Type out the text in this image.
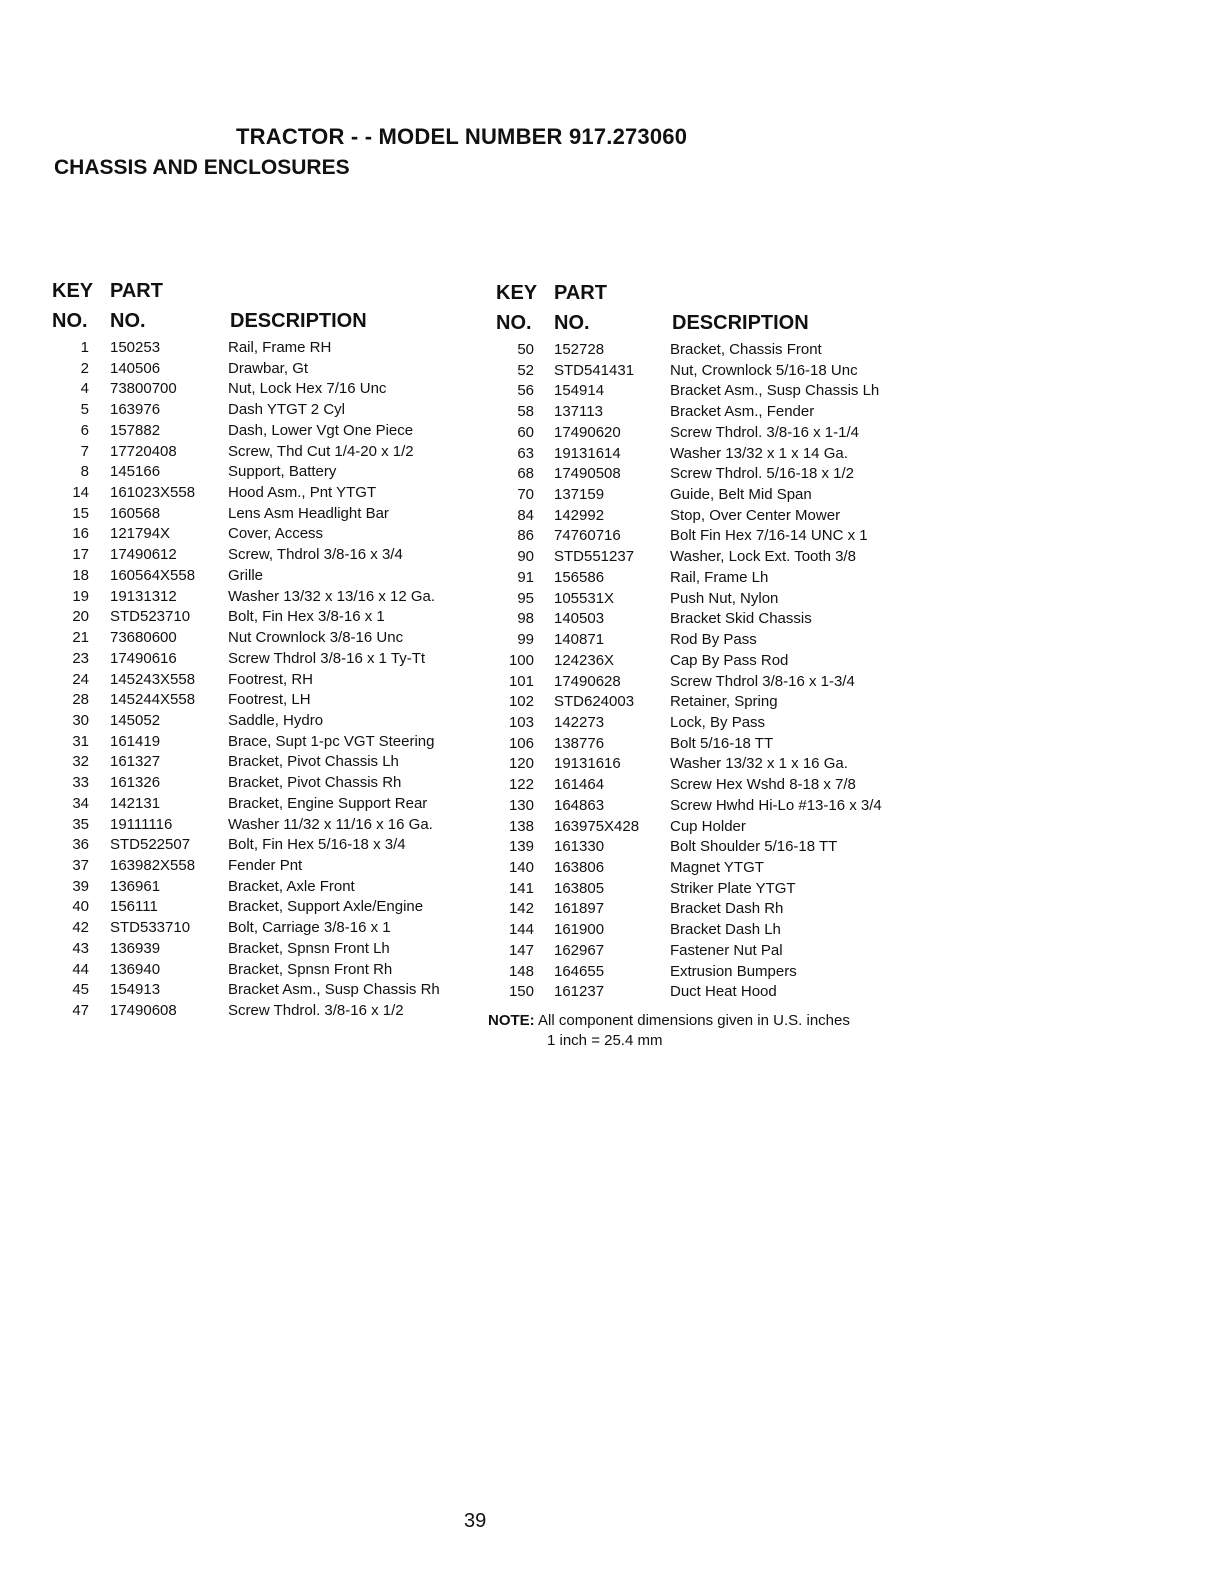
TRACTOR - - MODEL NUMBER 917.273060
CHASSIS AND ENCLOSURES
KEY
NO.
PART
NO.	DESCRIPTION
1 150253	Rail, Frame RH
2 140506	Drawbar, Gt
4 73800700	Nut, Lock Hex 7/16 Unc
5 163976	Dash YTGT 2 Cyl
6 157882	Dash, Lower Vgt One Piece
7 17720408	Screw, Thd Cut 1/4-20 x 1/2
8 145166	Support, Battery
14 161023X558 Hood Asm., Pnt YTGT
15 160568	Lens Asm Headlight Bar
16 121794X	Cover, Access
17 17490612	Screw, Thdrol 3/8-16 x 3/4
18 160564X558 Grille
19 19131312	Washer 13/32 x 13/16 x 12 Ga.
20 STD523710	Bolt, Fin Hex 3/8-16 x 1
21 73680600	Nut Crownlock 3/8-16 Unc
23 17490616	Screw Thdrol 3/8-16 x 1 Ty-Tt
24 145243X558 Footrest, RH
28 145244X558 Footrest, LH
30 145052	Saddle, Hydro
31 161419	Brace, Supt 1-pc VGT Steering
32 161327	Bracket, Pivot Chassis Lh
33 161326	Bracket, Pivot Chassis Rh
34 142131	Bracket, Engine Support Rear
35 19111116	Washer 11/32 x 11/16 x 16 Ga.
36 STD522507	Bolt, Fin Hex 5/16-18 x 3/4
37 163982X558 Fender Pnt
39 136961	Bracket, Axle Front
40 156111	Bracket, Support Axle/Engine
42 STD533710	Bolt, Carriage 3/8-16 x 1
43 136939	Bracket, Spnsn Front Lh
44 136940	Bracket, Spnsn Front Rh
45 154913	Bracket Asm., Susp Chassis Rh
47 17490608	Screw Thdrol. 3/8-16 x 1/2
KEY
NO.
PART
NO.	DESCRIPTION
50 152728	Bracket, Chassis Front
52 STD541431 Nut, Crownlock 5/16-18 Unc
56 154914	Bracket Asm., Susp Chassis Lh
58 137113	Bracket Asm., Fender
60 17490620	Screw Thdrol. 3/8-16 x 1-1/4
63 19131614	Washer 13/32 x 1 x 14 Ga.
68 17490508	Screw Thdrol. 5/16-18 x 1/2
70 137159	Guide, Belt Mid Span
84 142992	Stop, Over Center Mower
86 74760716	Bolt Fin Hex 7/16-14 UNC x 1
90 STD551237 Washer, Lock Ext. Tooth 3/8
91 156586	Rail, Frame Lh
95 105531X	Push Nut, Nylon
98 140503	Bracket Skid Chassis
99 140871	Rod By Pass
100 124236X	Cap By Pass Rod
101 17490628	Screw Thdrol 3/8-16 x 1-3/4
102 STD624003 Retainer, Spring
103 142273	Lock, By Pass
106 138776	Bolt 5/16-18 TT
120 19131616	Washer 13/32 x 1 x 16 Ga.
122 161464	Screw Hex Wshd 8-18 x 7/8
130 164863	Screw Hwhd Hi-Lo #13-16 x 3/4
138 163975X428 Cup Holder
139 161330	Bolt Shoulder 5/16-18 TT
140 163806	Magnet YTGT
141 163805	Striker Plate YTGT
142 161897	Bracket Dash Rh
144 161900	Bracket Dash Lh
147 162967	Fastener Nut Pal
148 164655	Extrusion Bumpers
150 161237	Duct Heat Hood
NOTE: All component dimensions given in U.S. inches
1 inch = 25.4 mm
39
